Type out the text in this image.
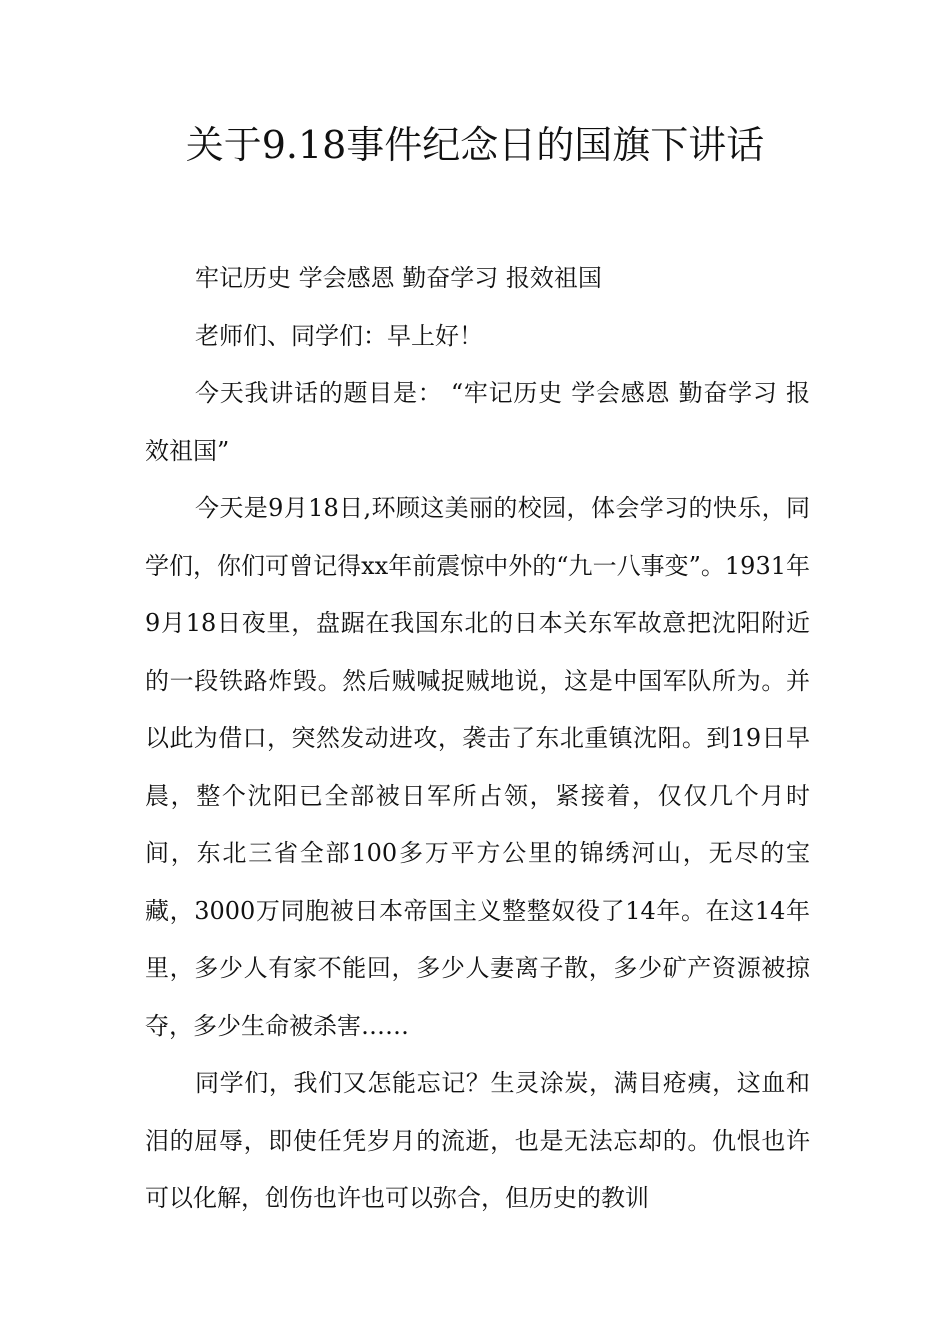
关于9.18事件纪念日的国旗下讲话

牢记历史 学会感恩 勤奋学习 报效祖国

老师们、同学们：早上好！

今天我讲话的题目是： “牢记历史 学会感恩 勤奋学习 报效祖国”

今天是9月18日,环顾这美丽的校园，体会学习的快乐，同学们，你们可曾记得xx年前震惊中外的“九一八事变”。1931年9月18日夜里，盘踞在我国东北的日本关东军故意把沈阳附近的一段铁路炸毁。然后贼喊捉贼地说，这是中国军队所为。并以此为借口，突然发动进攻，袭击了东北重镇沈阳。到19日早晨，整个沈阳已全部被日军所占领，紧接着，仅仅几个月时间，东北三省全部100多万平方公里的锦绣河山，无尽的宝藏，3000万同胞被日本帝国主义整整奴役了14年。在这14年里，多少人有家不能回，多少人妻离子散，多少矿产资源被掠夺，多少生命被杀害……

同学们，我们又怎能忘记？生灵涂炭，满目疮痍，这血和泪的屈辱，即使任凭岁月的流逝，也是无法忘却的。仇恨也许可以化解，创伤也许也可以弥合，但历史的教训
